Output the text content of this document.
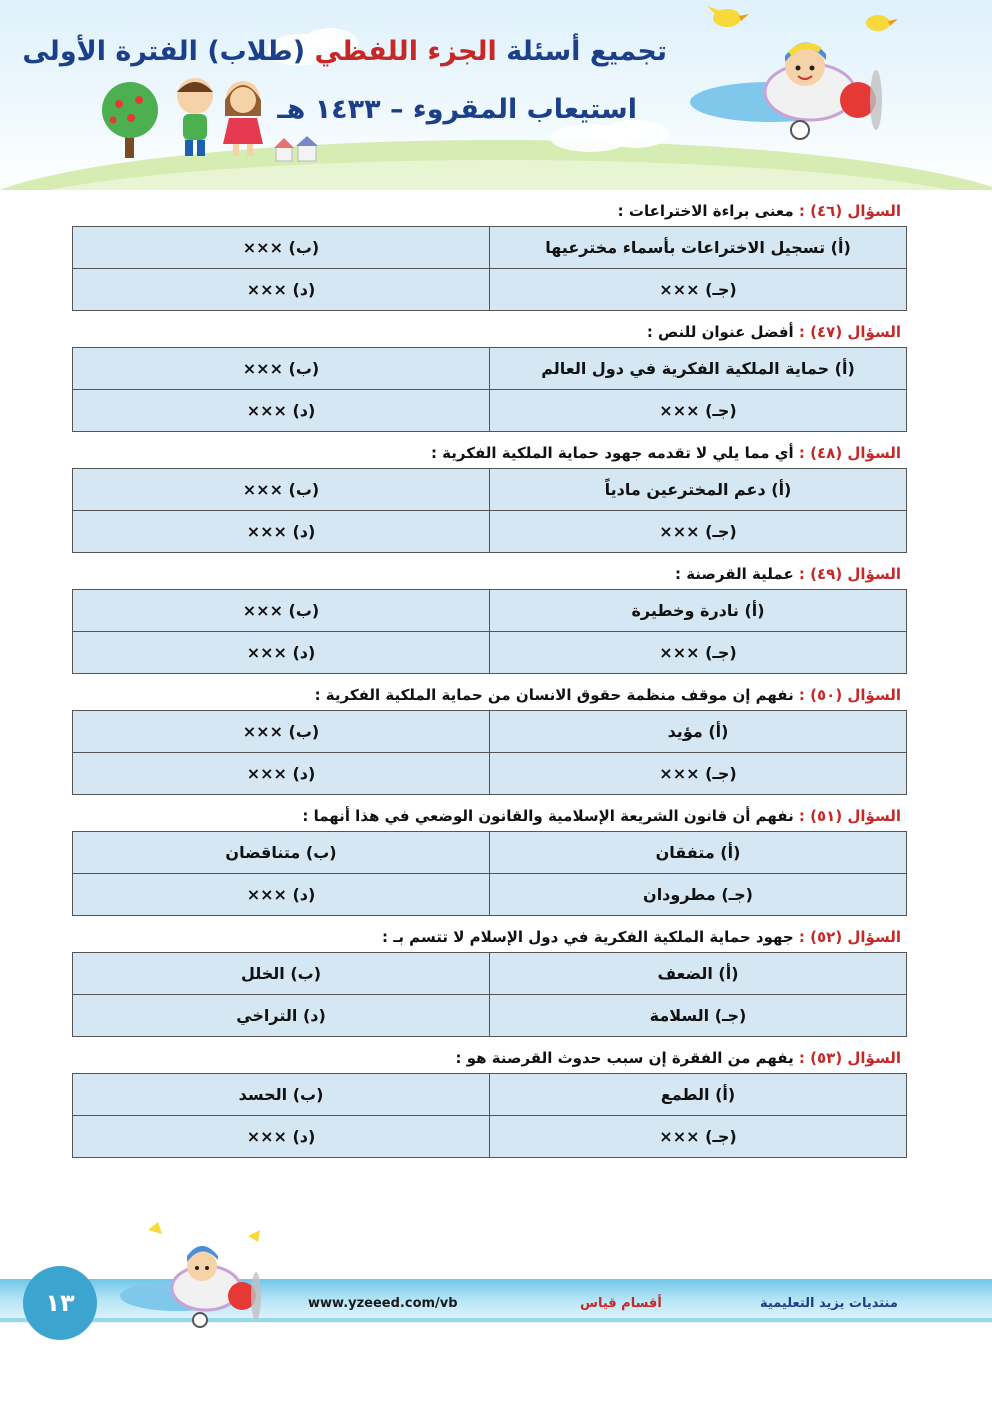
تجميع أسئلة الجزء اللفظي (طلاب) الفترة الأولى
استيعاب المقروء – ١٤٣٣ هـ
السؤال (٤٦) : معنى براءة الاختراعات :
(أ) تسجيل الاختراعات بأسماء مخترعيها	(ب) ×××
(جـ) ×××	(د) ×××
السؤال (٤٧) : أفضل عنوان للنص :
(أ) حماية الملكية الفكرية في دول العالم	(ب) ×××
(جـ) ×××	(د) ×××
السؤال (٤٨) : أي مما يلي لا تقدمه جهود حماية الملكية الفكرية :
(أ) دعم المخترعين مادياً	(ب) ×××
(جـ) ×××	(د) ×××
السؤال (٤٩) : عملية القرصنة :
(أ) نادرة وخطيرة	(ب) ×××
(جـ) ×××	(د) ×××
السؤال (٥٠) : نفهم إن موقف منظمة حقوق الانسان من حماية الملكية الفكرية :
(أ) مؤيد	(ب) ×××
(جـ) ×××	(د) ×××
السؤال (٥١) : نفهم أن قانون الشريعة الإسلامية والقانون الوضعي في هذا أنهما :
(أ) متفقان	(ب) متناقضان
(جـ) مطرودان	(د) ×××
السؤال (٥٢) : جهود حماية الملكية الفكرية في دول الإسلام لا تتسم بـ :
(أ) الضعف	(ب) الخلل
(جـ) السلامة	(د) التراخي
السؤال (٥٣) : يفهم من الفقرة إن سبب حدوث القرصنة هو :
(أ) الطمع	(ب) الحسد
(جـ) ×××	(د) ×××
١٣	www.yzeeed.com/vb	أقسام قياس	منتديات يزيد التعليمية
